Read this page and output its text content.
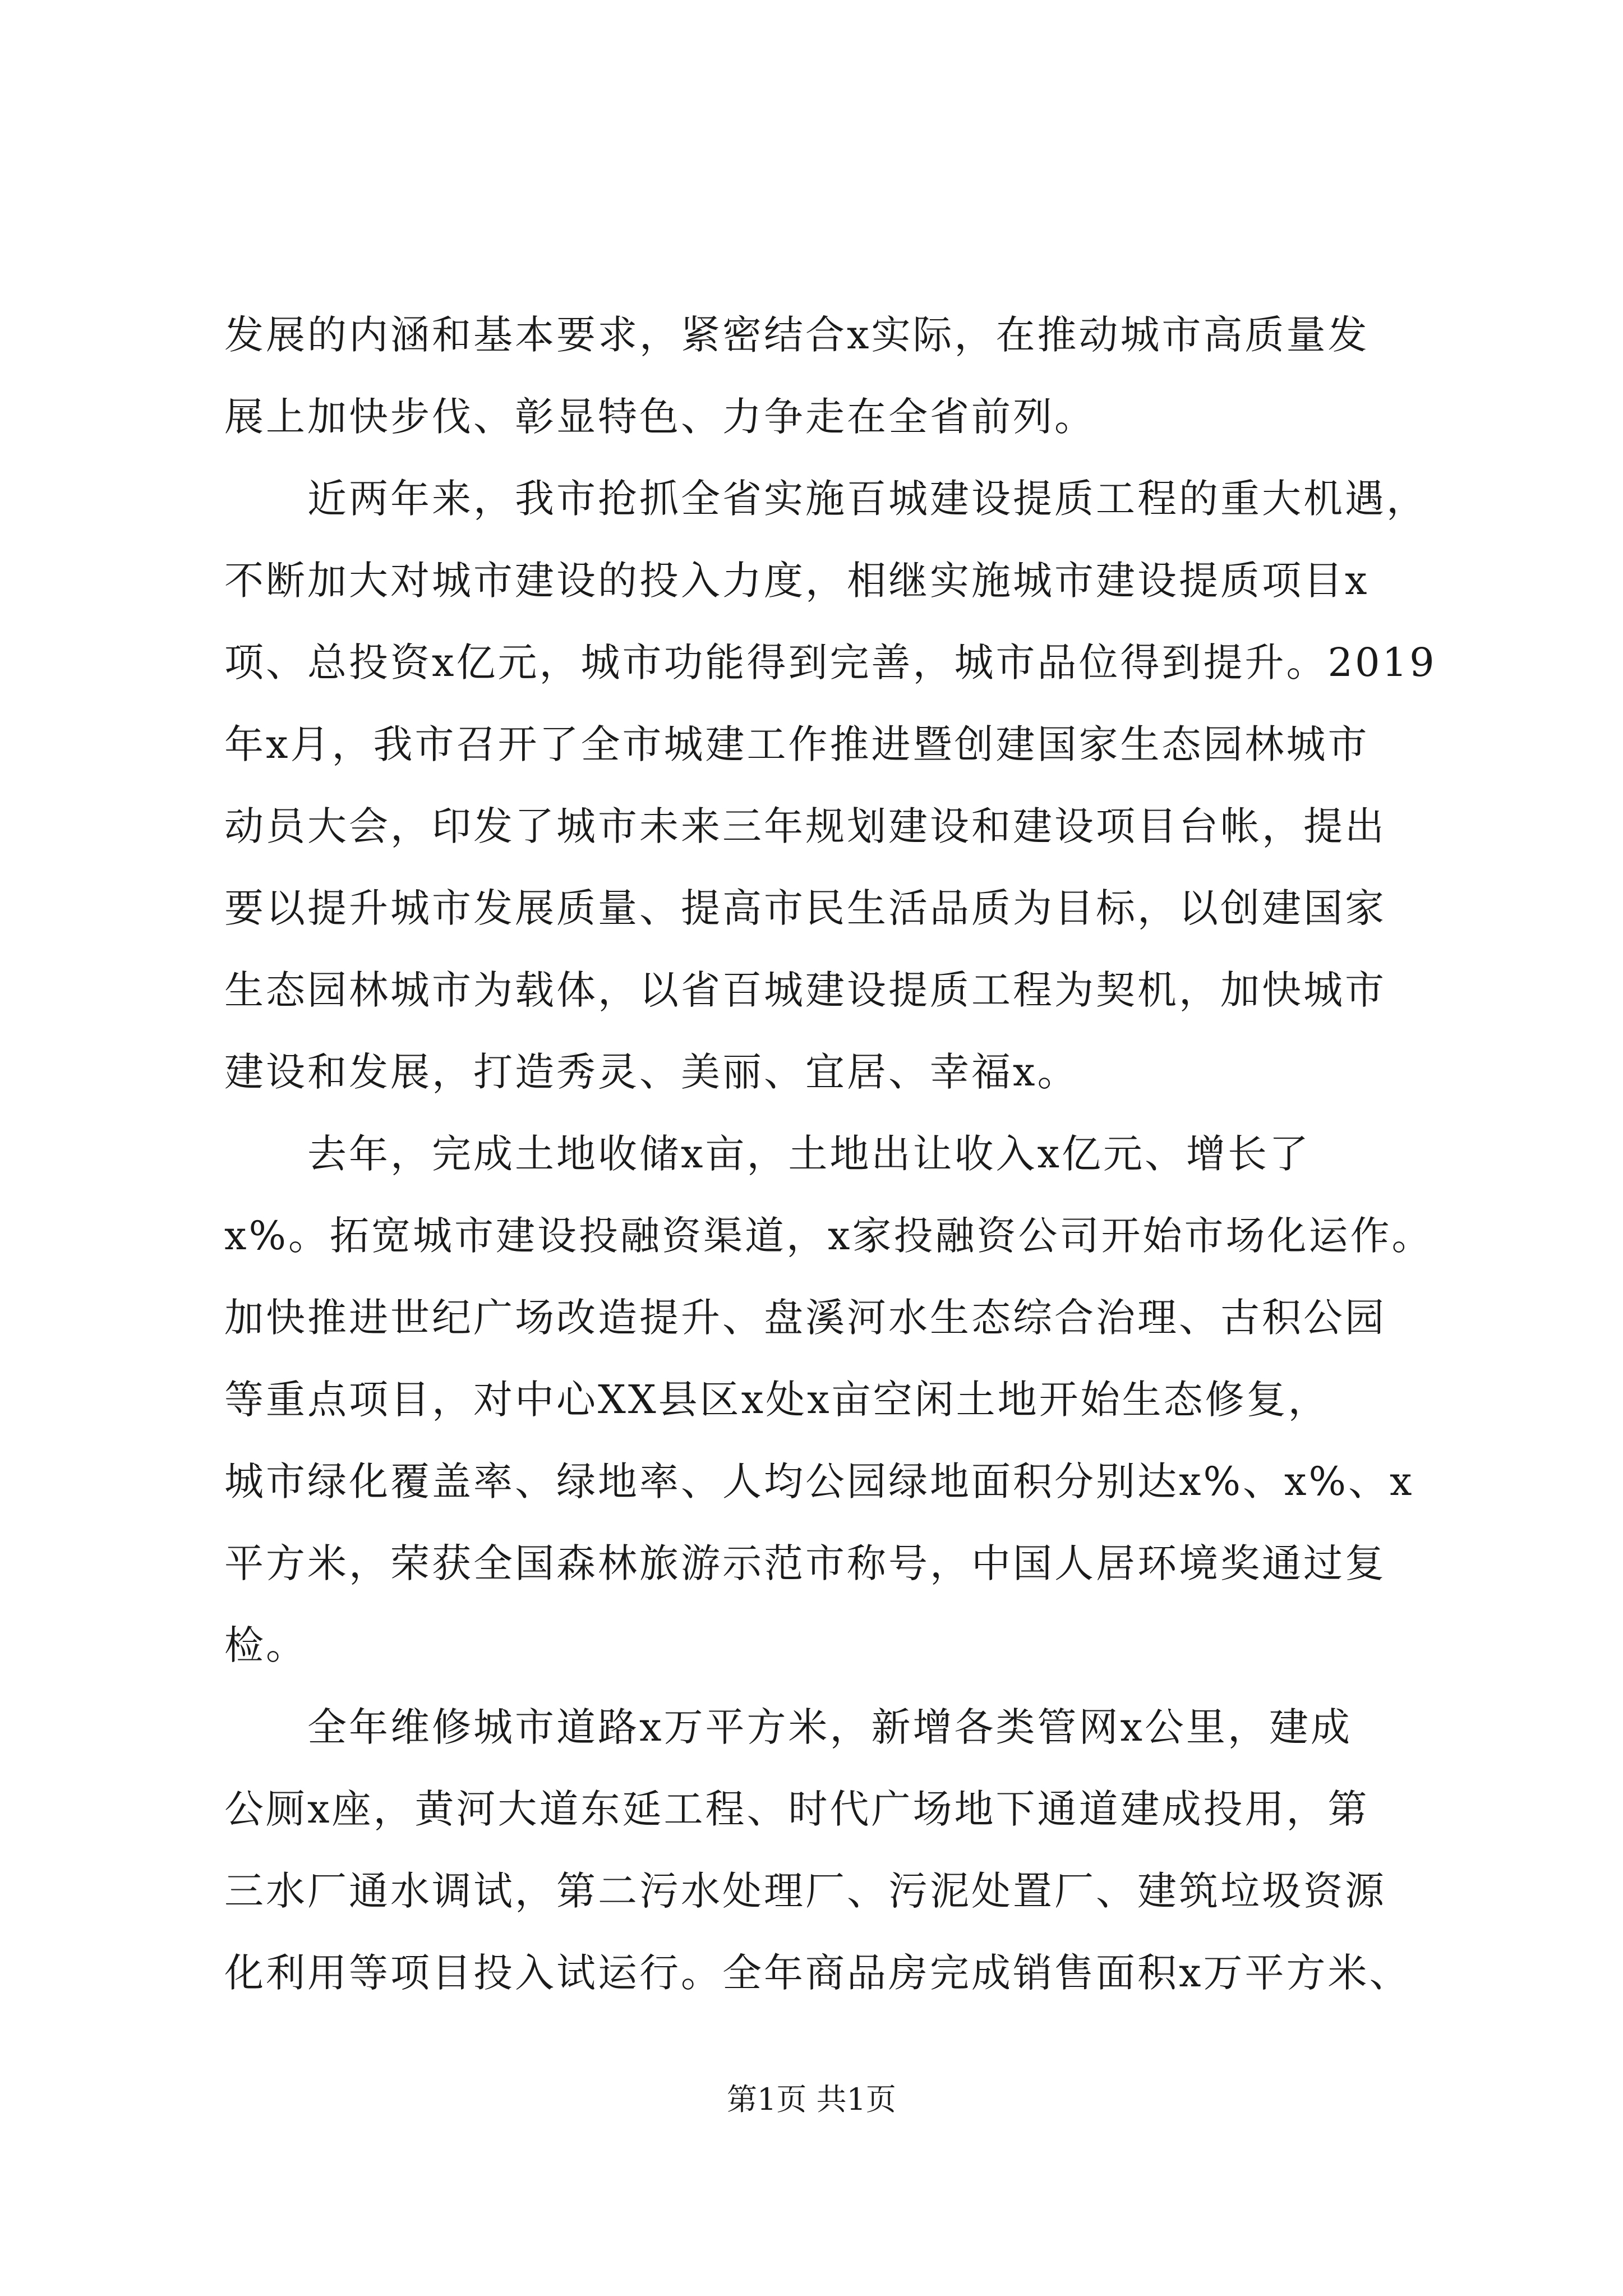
发展的内涵和基本要求，紧密结合x实际，在推动城市高质量发
展上加快步伐、彰显特色、力争走在全省前列。
　　近两年来，我市抢抓全省实施百城建设提质工程的重大机遇，
不断加大对城市建设的投入力度，相继实施城市建设提质项目x
项、总投资x亿元，城市功能得到完善，城市品位得到提升。2019
年x月，我市召开了全市城建工作推进暨创建国家生态园林城市
动员大会，印发了城市未来三年规划建设和建设项目台帐，提出
要以提升城市发展质量、提高市民生活品质为目标，以创建国家
生态园林城市为载体，以省百城建设提质工程为契机，加快城市
建设和发展，打造秀灵、美丽、宜居、幸福x。
　　去年，完成土地收储x亩，土地出让收入x亿元、增长了
x%。拓宽城市建设投融资渠道，x家投融资公司开始市场化运作。
加快推进世纪广场改造提升、盘溪河水生态综合治理、古积公园
等重点项目，对中心XX县区x处x亩空闲土地开始生态修复，
城市绿化覆盖率、绿地率、人均公园绿地面积分别达x%、x%、x
平方米，荣获全国森林旅游示范市称号，中国人居环境奖通过复
检。
　　全年维修城市道路x万平方米，新增各类管网x公里，建成
公厕x座，黄河大道东延工程、时代广场地下通道建成投用，第
三水厂通水调试，第二污水处理厂、污泥处置厂、建筑垃圾资源
化利用等项目投入试运行。全年商品房完成销售面积x万平方米、
第1页 共1页
